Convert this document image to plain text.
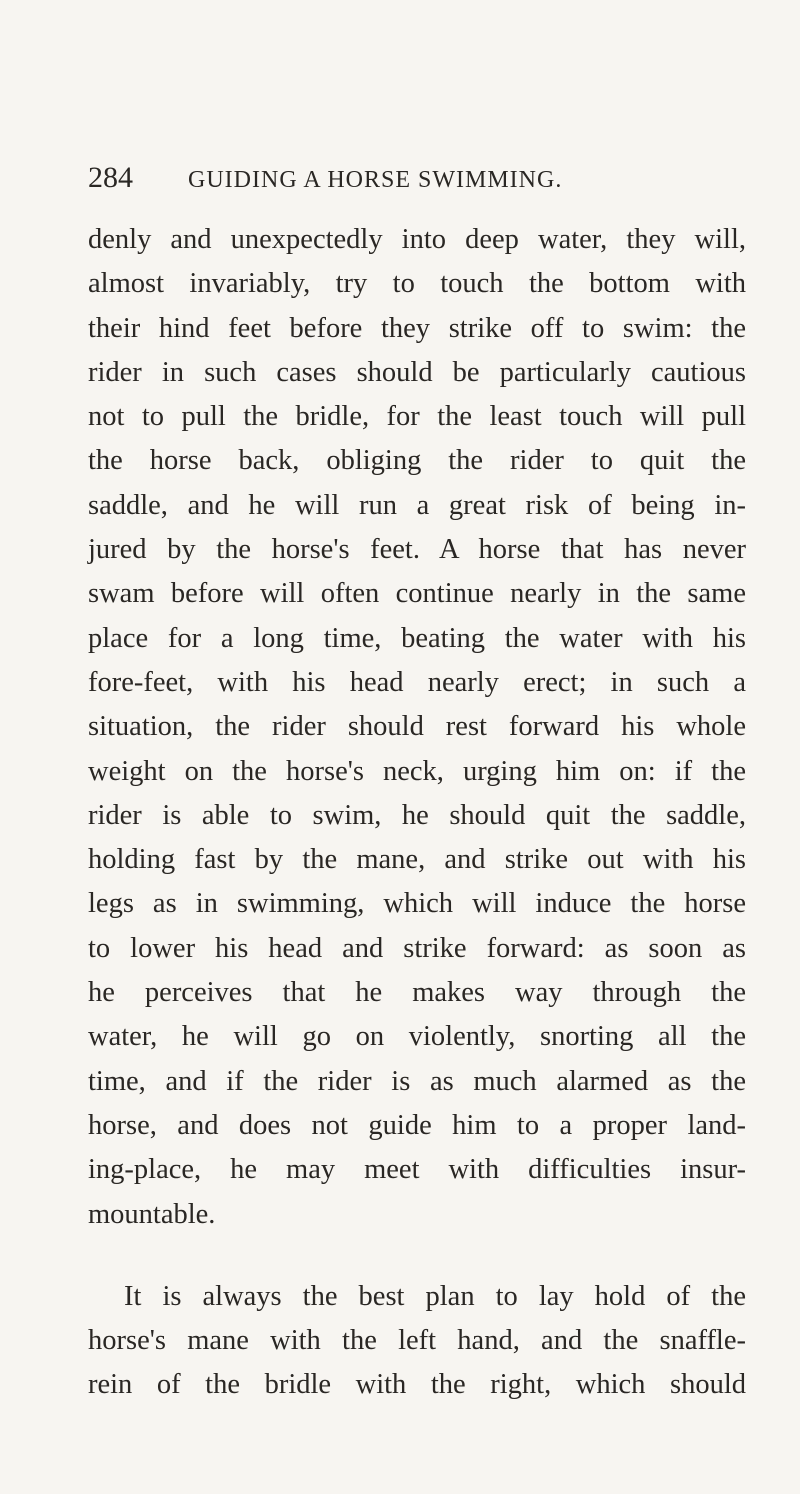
284 GUIDING A HORSE SWIMMING.
denly and unexpectedly into deep water, they will,
almost invariably, try to touch the bottom with
their hind feet before they strike off to swim: the
rider in such cases should be particularly cautious
not to pull the bridle, for the least touch will pull
the horse back, obliging the rider to quit the
saddle, and he will run a great risk of being in-
jured by the horse's feet. A horse that has never
swam before will often continue nearly in the same
place for a long time, beating the water with his
fore-feet, with his head nearly erect; in such a
situation, the rider should rest forward his whole
weight on the horse's neck, urging him on: if the
rider is able to swim, he should quit the saddle,
holding fast by the mane, and strike out with his
legs as in swimming, which will induce the horse
to lower his head and strike forward: as soon as
he perceives that he makes way through the
water, he will go on violently, snorting all the
time, and if the rider is as much alarmed as the
horse, and does not guide him to a proper land-
ing-place, he may meet with difficulties insur-
mountable.
It is always the best plan to lay hold of the
horse's mane with the left hand, and the snaffle-
rein of the bridle with the right, which should
